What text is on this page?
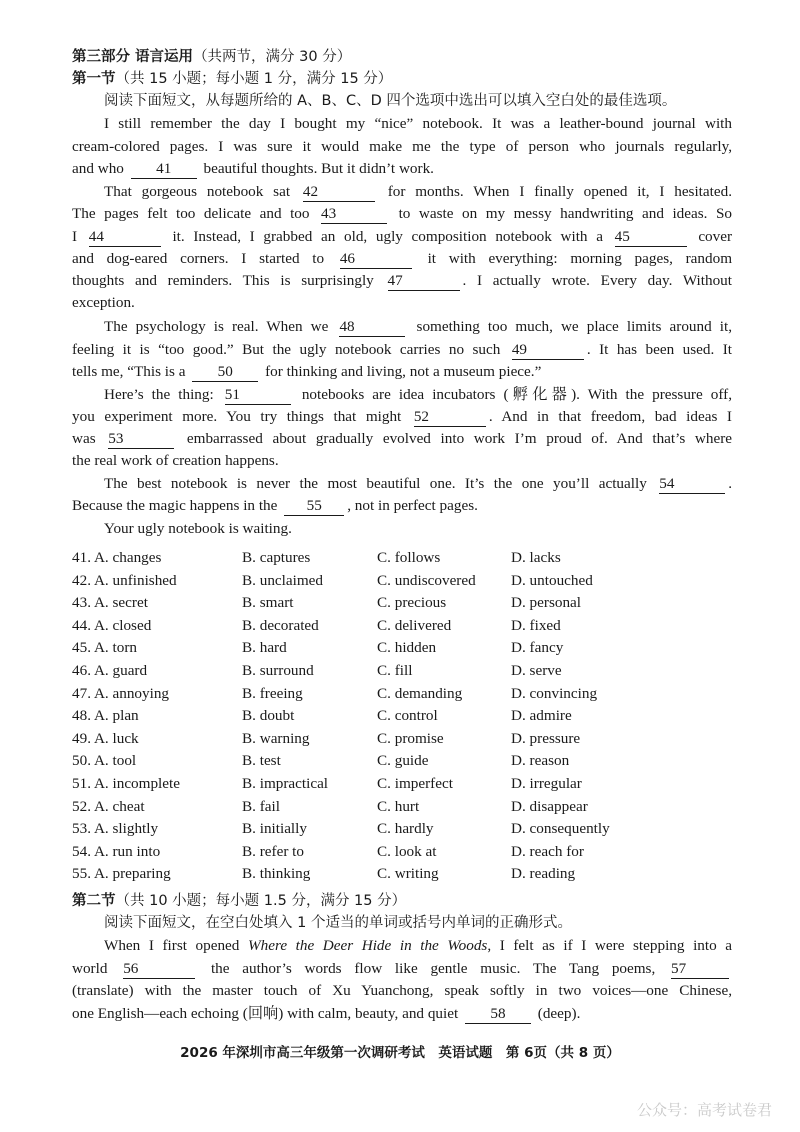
第三部分 语言运用（共两节，满分 30 分）
第一节（共 15 小题；每小题 1 分，满分 15 分）
阅读下面短文，从每题所给的 A、B、C、D 四个选项中选出可以填入空白处的最佳选项。
I still remember the day I bought my “nice” notebook. It was a leather-bound journal with
cream-colored pages. I was sure it would make me the type of person who journals regularly,
and who 41 beautiful thoughts. But it didn’t work.
That gorgeous notebook sat 42	for months. When I finally opened it, I hesitated.
The pages felt too delicate and too 43	to waste on my messy handwriting and ideas. So
I 44	it. Instead, I grabbed an old, ugly composition notebook with a 45	cover
and dog-eared corners. I started to 46	it with everything: morning pages, random
thoughts and reminders. This is surprisingly 47	. I actually wrote. Every day. Without
exception.
The psychology is real. When we 48	something too much, we place limits around it,
feeling it is “too good.” But the ugly notebook carries no such 49	. It has been used. It
tells me, “This is a 50 for thinking and living, not a museum piece.”
Here’s the thing: 51	notebooks are idea incubators (孵化器). With the pressure off,
you experiment more. You try things that might 52	. And in that freedom, bad ideas I
was 53	embarrassed about gradually evolved into work I’m proud of. And that’s where
the real work of creation happens.
The best notebook is never the most beautiful one. It’s the one you’ll actually 54	.
Because the magic happens in the 55 , not in perfect pages.
Your ugly notebook is waiting.
41. A. changes	B. captures	C. follows	D. lacks
42. A. unfinished	B. unclaimed	C. undiscovered D. untouched
43. A. secret	B. smart	C. precious	D. personal
44. A. closed	B. decorated	C. delivered	D. fixed
45. A. torn	B. hard	C. hidden	D. fancy
46. A. guard	B. surround	C. fill	D. serve
47. A. annoying	B. freeing	C. demanding	D. convincing
48. A. plan	B. doubt	C. control	D. admire
49. A. luck	B. warning	C. promise	D. pressure
50. A. tool	B. test	C. guide	D. reason
51. A. incomplete	B. impractical	C. imperfect	D. irregular
52. A. cheat	B. fail	C. hurt	D. disappear
53. A. slightly	B. initially	C. hardly	D. consequently
54. A. run into	B. refer to	C. look at	D. reach for
55. A. preparing	B. thinking	C. writing	D. reading
第二节（共 10 小题；每小题 1.5 分，满分 15 分）
阅读下面短文，在空白处填入 1 个适当的单词或括号内单词的正确形式。
When I first opened Where the Deer Hide in the Woods, I felt as if I were stepping into a
world 56	the author’s words flow like gentle music. The Tang poems, 57
(translate) with the master touch of Xu Yuanchong, speak softly in two voices—one Chinese,
one English—each echoing (回响) with calm, beauty, and quiet 58 (deep).
2026 年深圳市高三年级第一次调研考试　英语试题　第 6页（共 8 页）
公众号：高考试卷君
